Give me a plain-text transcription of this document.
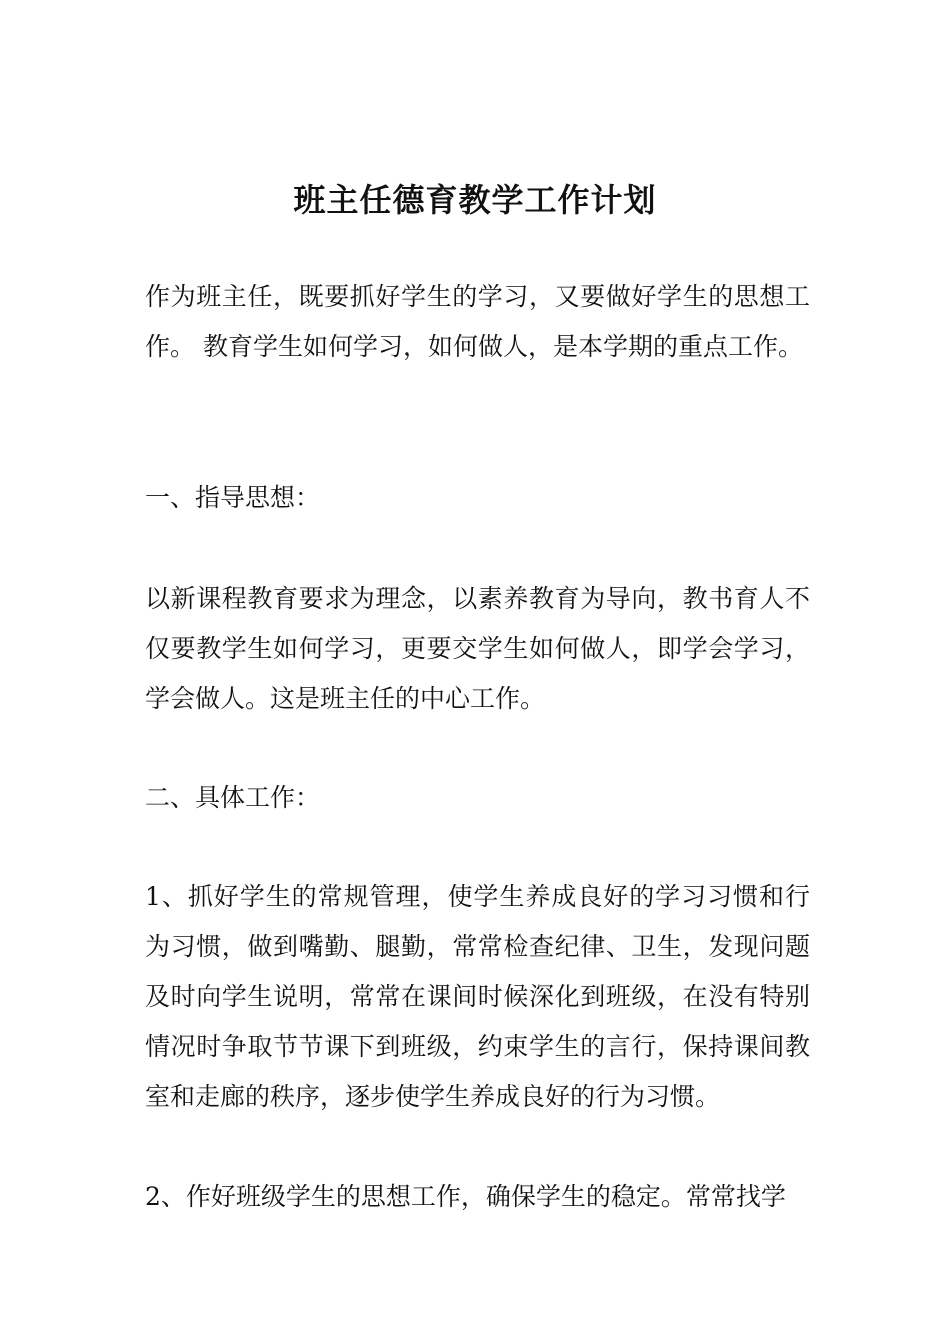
班主任德育教学工作计划

作为班主任，既要抓好学生的学习，又要做好学生的思想工作。 教育学生如何学习，如何做人，是本学期的重点工作。

一、指导思想：

以新课程教育要求为理念，以素养教育为导向，教书育人不仅要教学生如何学习，更要交学生如何做人，即学会学习，学会做人。这是班主任的中心工作。

二、具体工作：

1、抓好学生的常规管理，使学生养成良好的学习习惯和行为习惯，做到嘴勤、腿勤，常常检查纪律、卫生，发现问题及时向学生说明，常常在课间时候深化到班级，在没有特别情况时争取节节课下到班级，约束学生的言行，保持课间教室和走廊的秩序，逐步使学生养成良好的行为习惯。

2、作好班级学生的思想工作，确保学生的稳定。常常找学
